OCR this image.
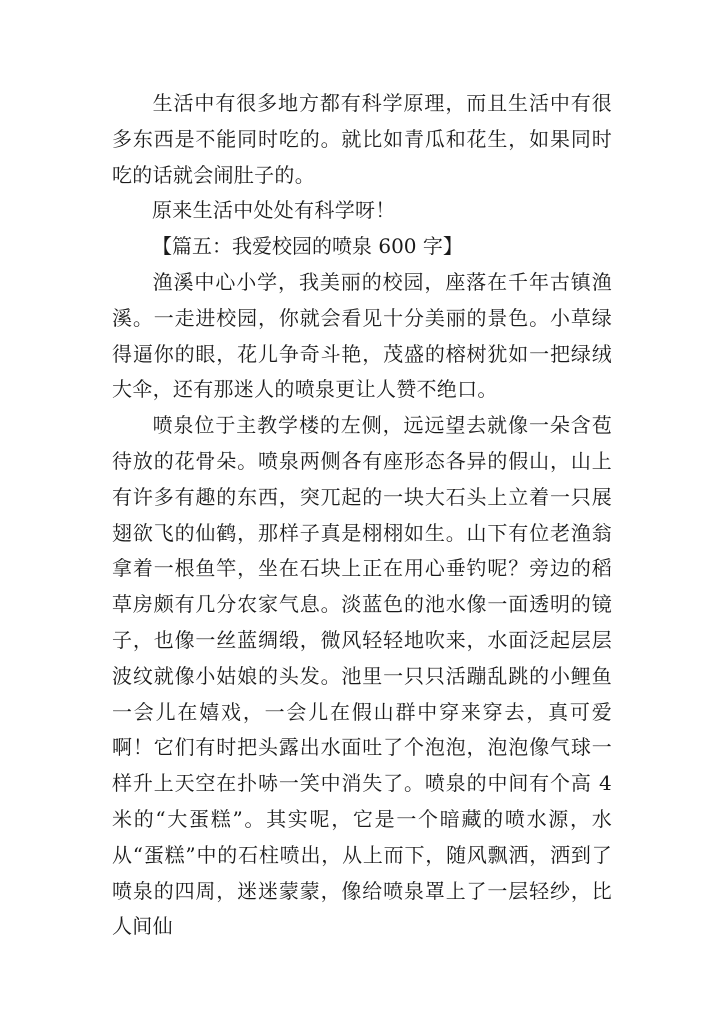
生活中有很多地方都有科学原理，而且生活中有很多东西是不能同时吃的。就比如青瓜和花生，如果同时吃的话就会闹肚子的。

原来生活中处处有科学呀！

【篇五：我爱校园的喷泉 600 字】

渔溪中心小学，我美丽的校园，座落在千年古镇渔溪。一走进校园，你就会看见十分美丽的景色。小草绿得逼你的眼，花儿争奇斗艳，茂盛的榕树犹如一把绿绒大伞，还有那迷人的喷泉更让人赞不绝口。

喷泉位于主教学楼的左侧，远远望去就像一朵含苞待放的花骨朵。喷泉两侧各有座形态各异的假山，山上有许多有趣的东西，突兀起的一块大石头上立着一只展翅欲飞的仙鹤，那样子真是栩栩如生。山下有位老渔翁拿着一根鱼竿，坐在石块上正在用心垂钓呢？旁边的稻草房颇有几分农家气息。淡蓝色的池水像一面透明的镜子，也像一丝蓝绸缎，微风轻轻地吹来，水面泛起层层波纹就像小姑娘的头发。池里一只只活蹦乱跳的小鲤鱼一会儿在嬉戏，一会儿在假山群中穿来穿去，真可爱啊！它们有时把头露出水面吐了个泡泡，泡泡像气球一样升上天空在扑哧一笑中消失了。喷泉的中间有个高 4 米的“大蛋糕”。其实呢，它是一个暗藏的喷水源，水从“蛋糕”中的石柱喷出，从上而下，随风飘洒，洒到了喷泉的四周，迷迷蒙蒙，像给喷泉罩上了一层轻纱，比人间仙
